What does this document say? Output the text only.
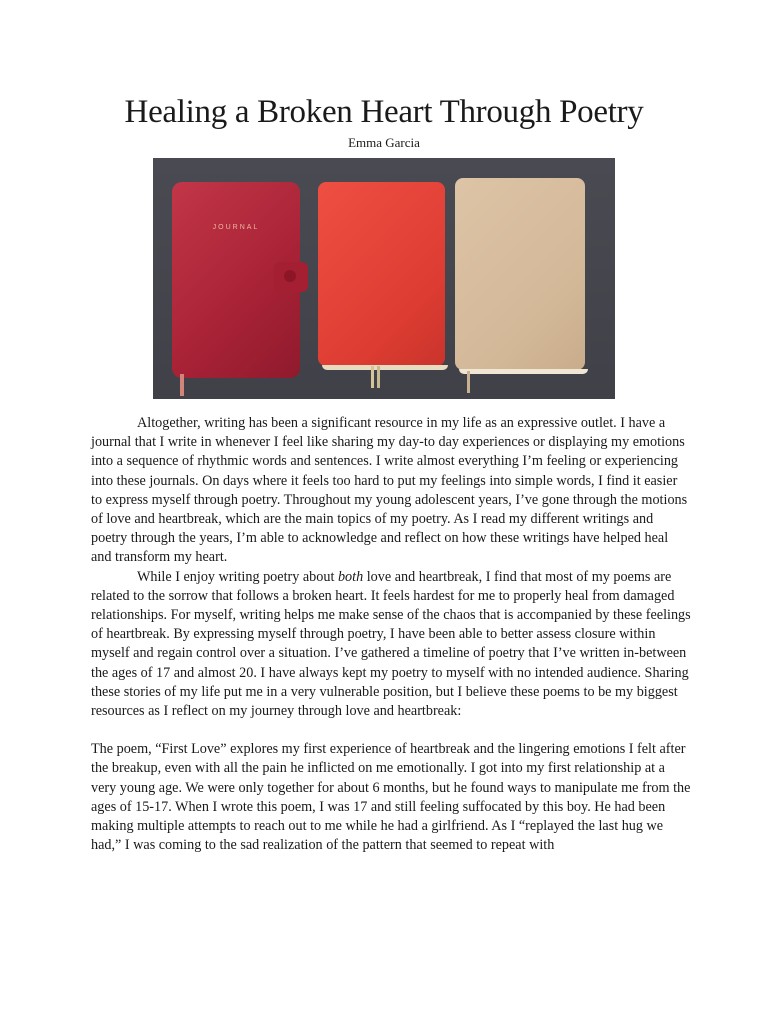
Healing a Broken Heart Through Poetry
Emma Garcia
JOURNAL

Altogether, writing has been a significant resource in my life as an expressive outlet. I have a journal that I write in whenever I feel like sharing my day-to day experiences or displaying my emotions into a sequence of rhythmic words and sentences. I write almost everything I’m feeling or experiencing into these journals. On days where it feels too hard to put my feelings into simple words, I find it easier to express myself through poetry. Throughout my young adolescent years, I’ve gone through the motions of love and heartbreak, which are the main topics of my poetry. As I read my different writings and poetry through the years, I’m able to acknowledge and reflect on how these writings have helped heal and transform my heart.

While I enjoy writing poetry about both love and heartbreak, I find that most of my poems are related to the sorrow that follows a broken heart. It feels hardest for me to properly heal from damaged relationships. For myself, writing helps me make sense of the chaos that is accompanied by these feelings of heartbreak. By expressing myself through poetry, I have been able to better assess closure within myself and regain control over a situation. I’ve gathered a timeline of poetry that I’ve written in-between the ages of 17 and almost 20. I have always kept my poetry to myself with no intended audience. Sharing these stories of my life put me in a very vulnerable position, but I believe these poems to be my biggest resources as I reflect on my journey through love and heartbreak:

The poem, “First Love” explores my first experience of heartbreak and the lingering emotions I felt after the breakup, even with all the pain he inflicted on me emotionally. I got into my first relationship at a very young age. We were only together for about 6 months, but he found ways to manipulate me from the ages of 15-17. When I wrote this poem, I was 17 and still feeling suffocated by this boy. He had been making multiple attempts to reach out to me while he had a girlfriend. As I “replayed the last hug we had,” I was coming to the sad realization of the pattern that seemed to repeat with
